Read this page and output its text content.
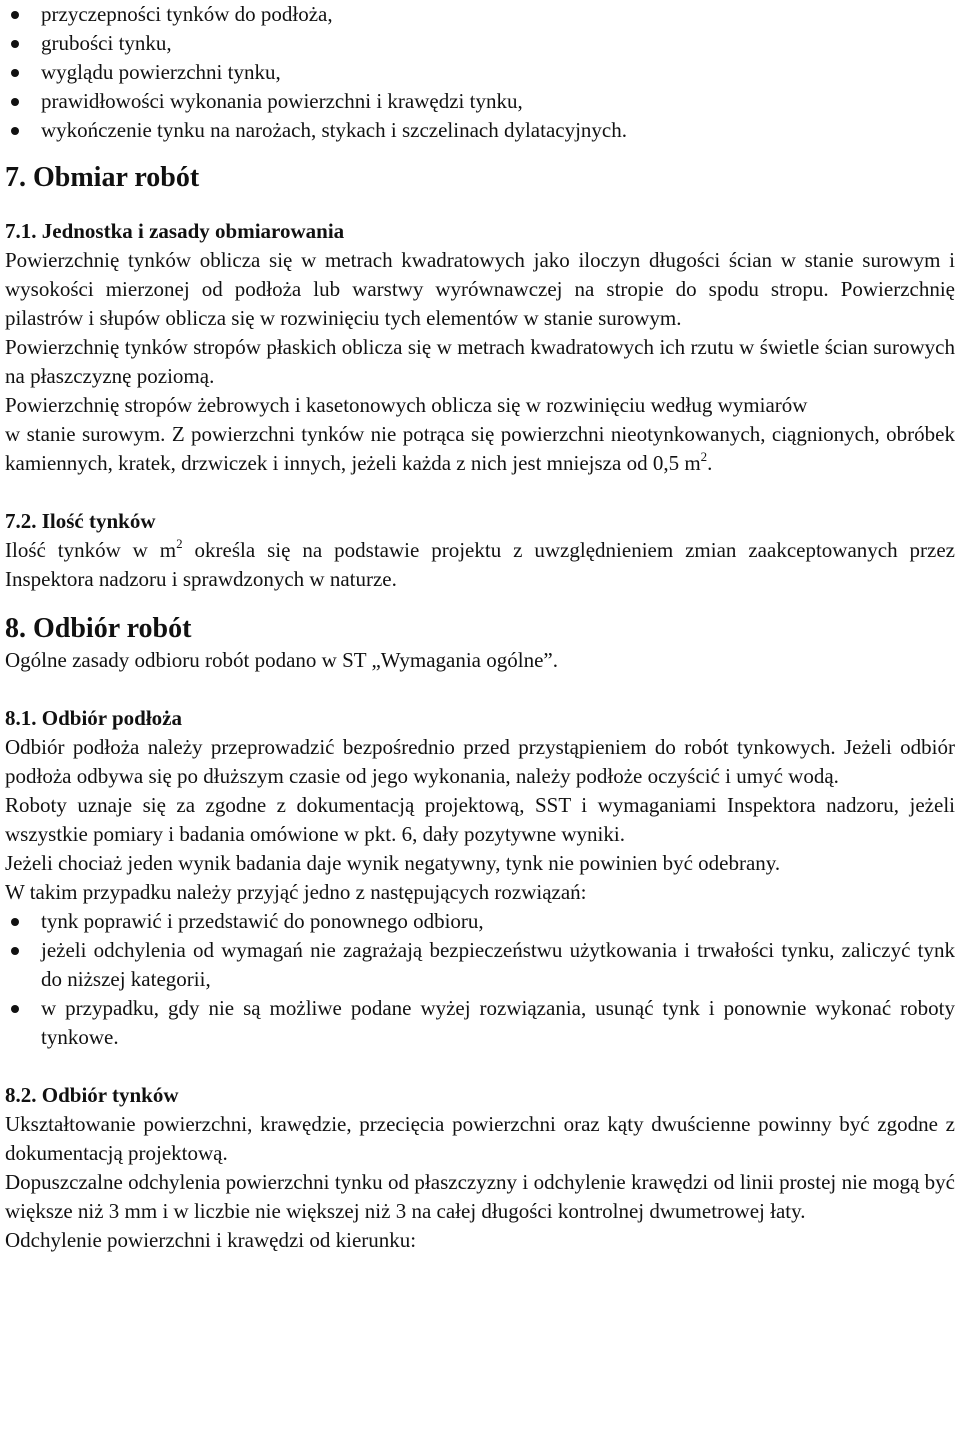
przyczepności tynków do podłoża,
grubości tynku,
wyglądu powierzchni tynku,
prawidłowości wykonania powierzchni i krawędzi tynku,
wykończenie tynku na narożach, stykach i szczelinach dylatacyjnych.
7. Obmiar robót
7.1. Jednostka i zasady obmiarowania

Powierzchnię tynków oblicza się w metrach kwadratowych jako iloczyn długości ścian w stanie surowym i wysokości mierzonej od podłoża lub warstwy wyrównawczej na stropie do spodu stropu. Powierzchnię pilastrów i słupów oblicza się w rozwinięciu tych elementów w stanie surowym.

Powierzchnię tynków stropów płaskich oblicza się w metrach kwadratowych ich rzutu w świetle ścian surowych na płaszczyznę poziomą.

Powierzchnię stropów żebrowych i kasetonowych oblicza się w rozwinięciu według wymiarów

w stanie surowym. Z powierzchni tynków nie potrąca się powierzchni nieotynkowanych, ciągnionych, obróbek kamiennych, kratek, drzwiczek i innych, jeżeli każda z nich jest mniejsza od 0,5 $m^2$.

7.2. Ilość tynków

Ilość tynków w $m^2$ określa się na podstawie projektu z uwzględnieniem zmian zaakceptowanych przez Inspektora nadzoru i sprawdzonych w naturze.

8. Odbiór robót

Ogólne zasady odbioru robót podano w ST „Wymagania ogólne”.

8.1. Odbiór podłoża

Odbiór podłoża należy przeprowadzić bezpośrednio przed przystąpieniem do robót tynkowych. Jeżeli odbiór podłoża odbywa się po dłuższym czasie od jego wykonania, należy podłoże oczyścić i umyć wodą.

Roboty uznaje się za zgodne z dokumentacją projektową, SST i wymaganiami Inspektora nadzoru, jeżeli wszystkie pomiary i badania omówione w pkt. 6, dały pozytywne wyniki.

Jeżeli chociaż jeden wynik badania daje wynik negatywny, tynk nie powinien być odebrany.

W takim przypadku należy przyjąć jedno z następujących rozwiązań:

tynk poprawić i przedstawić do ponownego odbioru,

jeżeli odchylenia od wymagań nie zagrażają bezpieczeństwu użytkowania i trwałości tynku, zaliczyć tynk do niższej kategorii,

w przypadku, gdy nie są możliwe podane wyżej rozwiązania, usunąć tynk i ponownie wykonać roboty tynkowe.

8.2. Odbiór tynków

Ukształtowanie powierzchni, krawędzie, przecięcia powierzchni oraz kąty dwuścienne powinny być zgodne z dokumentacją projektową.

Dopuszczalne odchylenia powierzchni tynku od płaszczyzny i odchylenie krawędzi od linii prostej nie mogą być większe niż 3 mm i w liczbie nie większej niż 3 na całej długości kontrolnej dwumetrowej łaty.

Odchylenie powierzchni i krawędzi od kierunku:
